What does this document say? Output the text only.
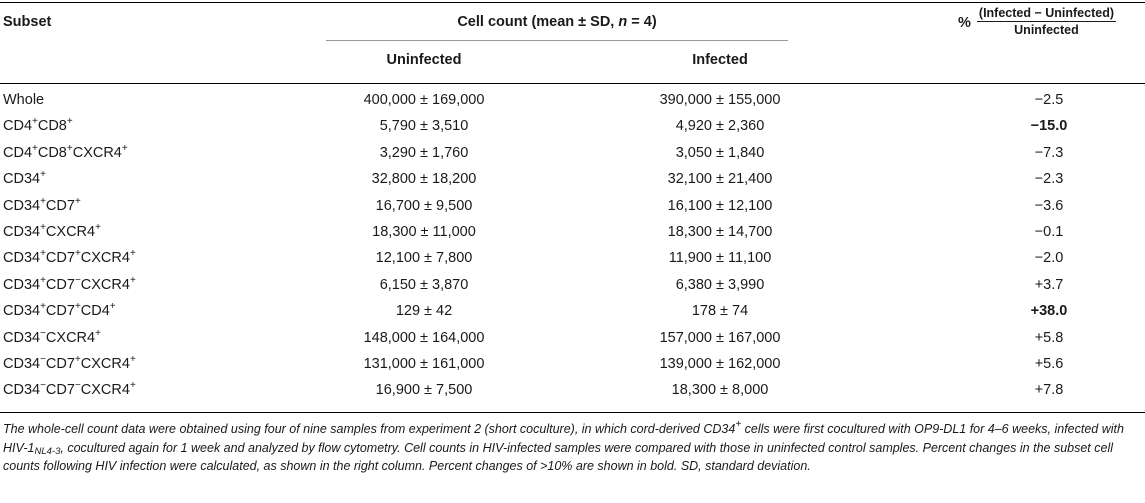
Subset	Cell count (mean ± SD, n = 4)
Uninfected	Infected
% $\frac{\text{(Infected − Uninfected)}}{\text{Uninfected}}$
Whole	400,000 ± 169,000	390,000 ± 155,000	−2.5
CD4+CD8+	5,790 ± 3,510	4,920 ± 2,360	−15.0
CD4+CD8+CXCR4+	3,290 ± 1,760	3,050 ± 1,840	−7.3
CD34+	32,800 ± 18,200	32,100 ± 21,400	−2.3
CD34+CD7+	16,700 ± 9,500	16,100 ± 12,100	−3.6
CD34+CXCR4+	18,300 ± 11,000	18,300 ± 14,700	−0.1
CD34+CD7+CXCR4+	12,100 ± 7,800	11,900 ± 11,100	−2.0
CD34+CD7−CXCR4+	6,150 ± 3,870	6,380 ± 3,990	+3.7
CD34+CD7+CD4+	129 ± 42	178 ± 74	+38.0
CD34−CXCR4+	148,000 ± 164,000	157,000 ± 167,000	+5.8
CD34−CD7+CXCR4+	131,000 ± 161,000	139,000 ± 162,000	+5.6
CD34−CD7−CXCR4+	16,900 ± 7,500	18,300 ± 8,000	+7.8
The whole-cell count data were obtained using four of nine samples from experiment 2 (short coculture), in which cord-derived CD34+ cells were first cocultured with OP9-DL1 for 4–6 weeks, infected with HIV-$1_{NL4-3}$, cocultured again for 1 week and analyzed by flow cytometry. Cell counts in HIV-infected samples were compared with those in uninfected control samples. Percent changes in the subset cell counts following HIV infection were calculated, as shown in the right column. Percent changes of >10% are shown in bold. SD, standard deviation.
